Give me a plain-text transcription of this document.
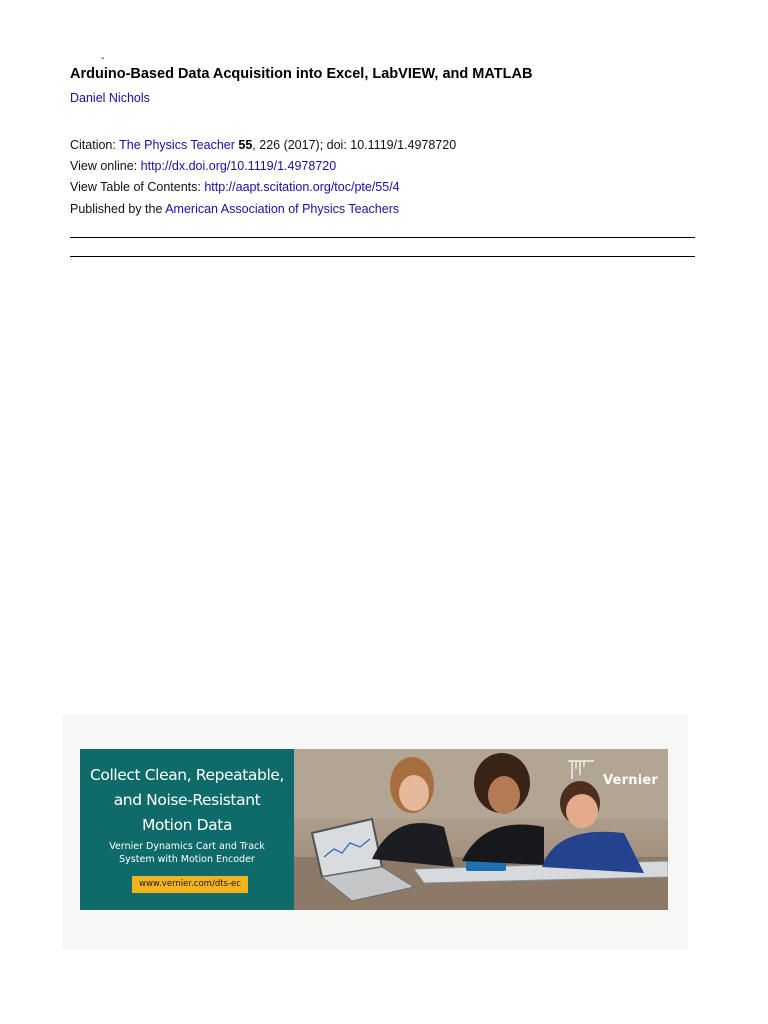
-
Arduino-Based Data Acquisition into Excel, LabVIEW, and MATLAB
Daniel Nichols
Citation: The Physics Teacher 55, 226 (2017); doi: 10.1119/1.4978720
View online: http://dx.doi.org/10.1119/1.4978720
View Table of Contents: http://aapt.scitation.org/toc/pte/55/4
Published by the American Association of Physics Teachers
Collect Clean, Repeatable,
and Noise-Resistant
Motion Data
Vernier Dynamics Cart and Track
System with Motion Encoder
www.vernier.com/dts-ec
Vernier
